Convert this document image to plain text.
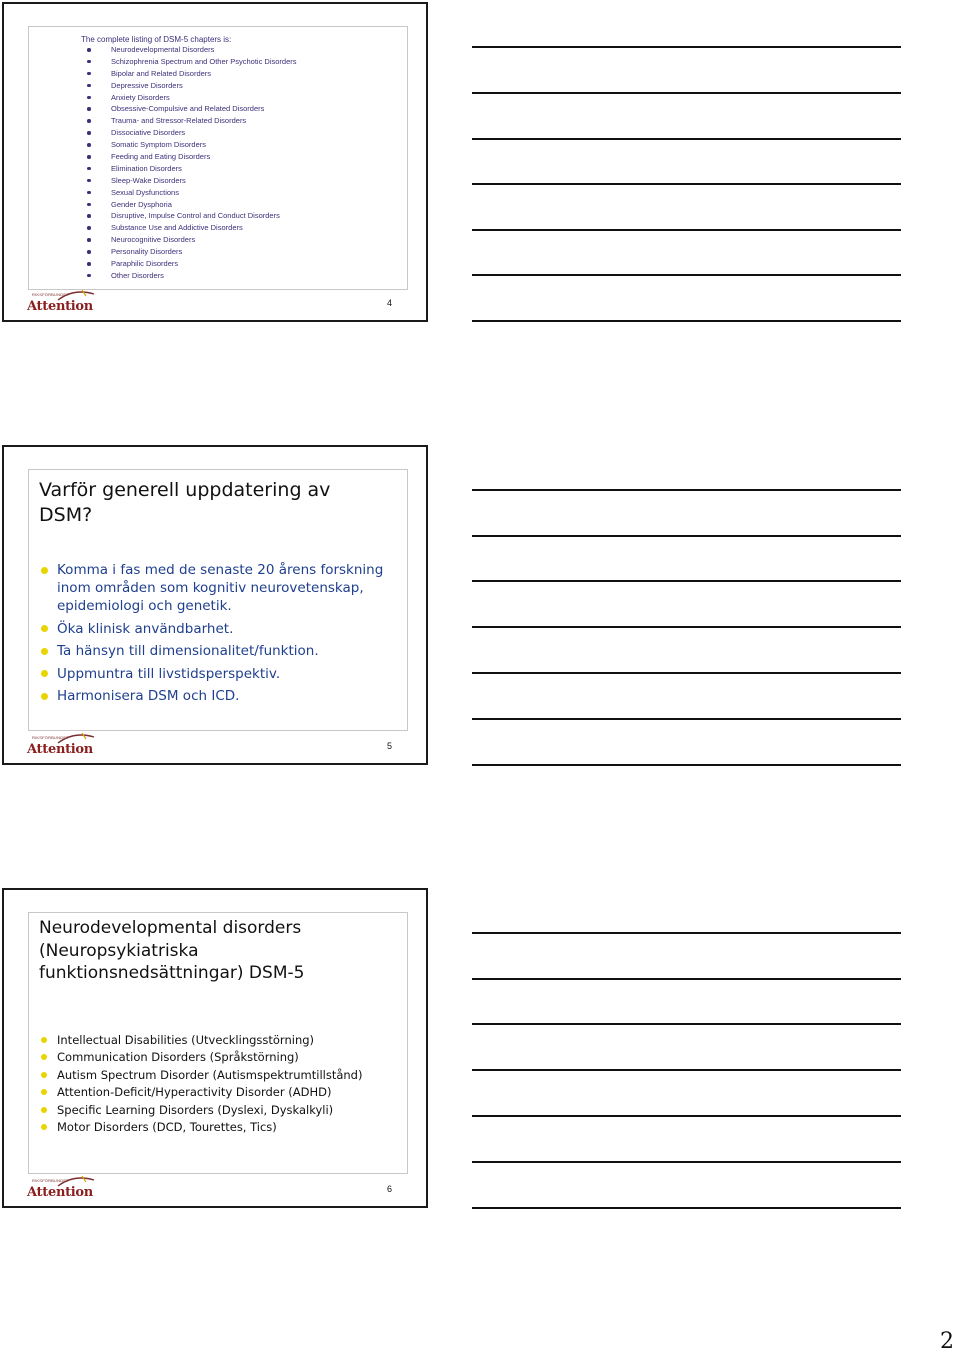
The complete listing of DSM-5 chapters is:

Neurodevelopmental Disorders
Schizophrenia Spectrum and Other Psychotic Disorders
Bipolar and Related Disorders
Depressive Disorders
Anxiety Disorders
Obsessive-Compulsive and Related Disorders
Trauma- and Stressor-Related Disorders
Dissociative Disorders
Somatic Symptom Disorders
Feeding and Eating Disorders
Elimination Disorders
Sleep-Wake Disorders
Sexual Dysfunctions
Gender Dysphoria
Disruptive, Impulse Control and Conduct Disorders
Substance Use and Addictive Disorders
Neurocognitive Disorders
Personality Disorders
Paraphilic Disorders
Other Disorders
RIKSFÖRBUNDET
Attention	4
Varför generell uppdatering av DSM?
Komma i fas med de senaste 20 årens forskning inom områden som kognitiv neurovetenskap, epidemiologi och genetik.
Öka klinisk användbarhet.
Ta hänsyn till dimensionalitet/funktion.
Uppmuntra till livstidsperspektiv.
Harmonisera DSM och ICD.
RIKSFÖRBUNDET
Attention	5
Neurodevelopmental disorders (Neuropsykiatriska funktionsnedsättningar) DSM-5
Intellectual Disabilities (Utvecklingsstörning)
Communication Disorders (Språkstörning)
Autism Spectrum Disorder (Autismspektrumtillstånd)
Attention-Deficit/Hyperactivity Disorder (ADHD)
Specific Learning Disorders (Dyslexi, Dyskalkyli)
Motor Disorders (DCD, Tourettes, Tics)
RIKSFÖRBUNDET
Attention	6
2
